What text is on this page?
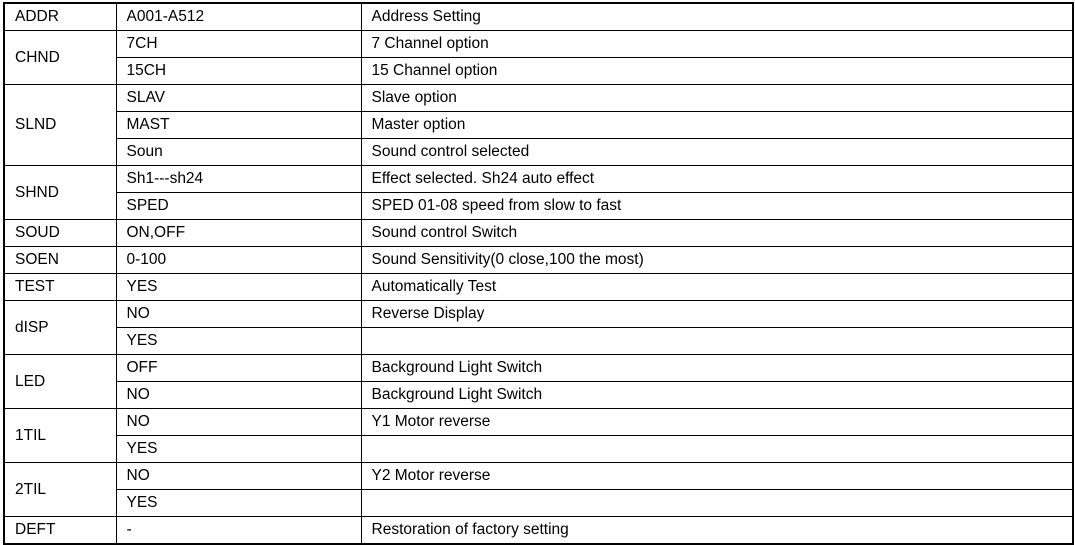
ADDR	A001-A512	Address Setting
CHND	7CH	7 Channel option
	15CH	15 Channel option
SLND	SLAV	Slave option
	MAST	Master option
	Soun	Sound control selected
SHND	Sh1---sh24	Effect selected. Sh24 auto effect
	SPED	SPED 01-08 speed from slow to fast
SOUD	ON,OFF	Sound control Switch
SOEN	0-100	Sound Sensitivity(0 close,100 the most)
TEST	YES	Automatically Test
dISP	NO	Reverse Display
	YES	
LED	OFF	Background Light Switch
	NO	Background Light Switch
1TIL	NO	Y1 Motor reverse
	YES	
2TIL	NO	Y2 Motor reverse
	YES	
DEFT	-	Restoration of factory setting
